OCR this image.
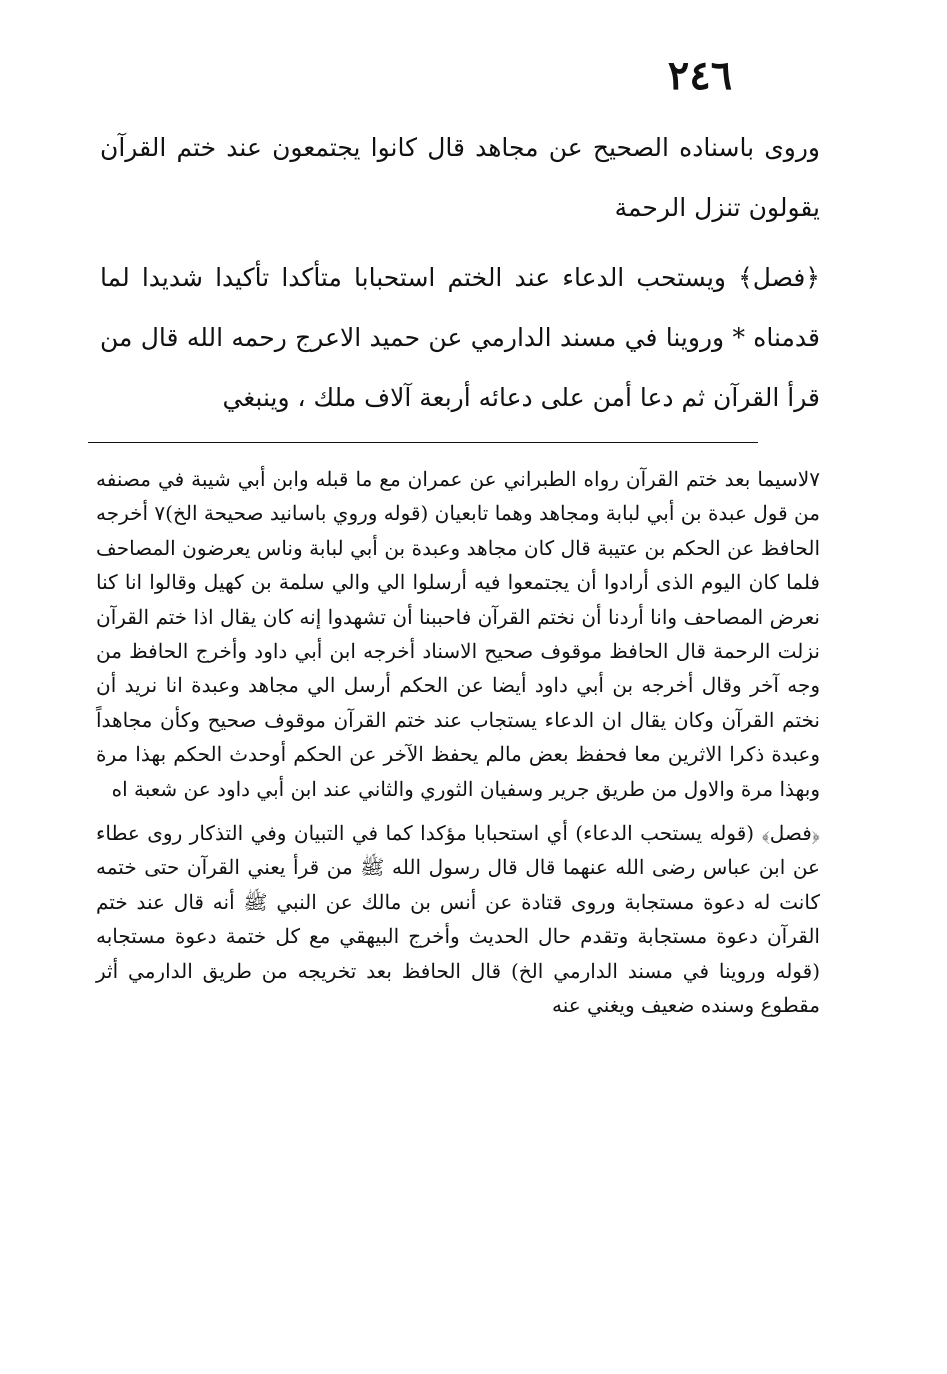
٢٤٦

وروى باسناده الصحيح عن مجاهد قال كانوا يجتمعون عند ختم القرآن يقولون تنزل الرحمة

﴿فصل﴾ ويستحب الدعاء عند الختم استحبابا متأكدا تأكيدا شديدا لما قدمناه * وروينا في مسند الدارمي عن حميد الاعرج رحمه الله قال من قرأ القرآن ثم دعا أمن على دعائه أربعة آلاف ملك ، وينبغي

٧لاسيما بعد ختم القرآن رواه الطبراني عن عمران مع ما قبله وابن أبي شيبة في مصنفه من قول عبدة بن أبي لبابة ومجاهد وهما تابعيان (قوله وروي باسانيد صحيحة الخ)٧ أخرجه الحافظ عن الحكم بن عتيبة قال كان مجاهد وعبدة بن أبي لبابة وناس يعرضون المصاحف فلما كان اليوم الذى أرادوا أن يجتمعوا فيه أرسلوا الي والي سلمة بن كهيل وقالوا انا كنا نعرض المصاحف وانا أردنا أن نختم القرآن فاحببنا أن تشهدوا إنه كان يقال اذا ختم القرآن نزلت الرحمة قال الحافظ موقوف صحيح الاسناد أخرجه ابن أبي داود وأخرج الحافظ من وجه آخر وقال أخرجه بن أبي داود أيضا عن الحكم أرسل الي مجاهد وعبدة انا نريد أن نختم القرآن وكان يقال ان الدعاء يستجاب عند ختم القرآن موقوف صحيح وكأن مجاهداً وعبدة ذكرا الاثرين معا فحفظ بعض مالم يحفظ الآخر عن الحكم أوحدث الحكم بهذا مرة وبهذا مرة والاول من طريق جرير وسفيان الثوري والثاني عند ابن أبي داود عن شعبة اه

﴿فصل﴾ (قوله يستحب الدعاء) أي استحبابا مؤكدا كما في التبيان وفي التذكار روى عطاء عن ابن عباس رضى الله عنهما قال قال رسول الله ﷺ من قرأ يعني القرآن حتى ختمه كانت له دعوة مستجابة وروى قتادة عن أنس بن مالك عن النبي ﷺ أنه قال عند ختم القرآن دعوة مستجابة وتقدم حال الحديث وأخرج البيهقي مع كل ختمة دعوة مستجابه (قوله وروينا في مسند الدارمي الخ) قال الحافظ بعد تخريجه من طريق الدارمي أثر مقطوع وسنده ضعيف ويغني عنه
